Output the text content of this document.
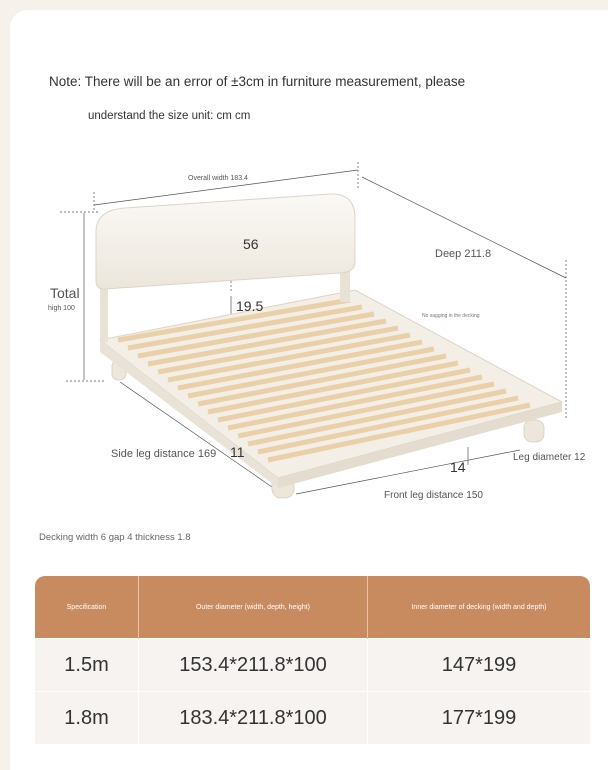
Note: There will be an error of ±3cm in furniture measurement, please
understand the size unit: cm cm
Overall width 183.4
Deep 211.8
56
19.5
Total
high 100
No sagging in the decking
Side leg distance 169 11
14
Leg diameter 12
Front leg distance 150
Decking width 6 gap 4 thickness 1.8
Specification	Outer diameter (width, depth, height)	Inner diameter of decking (width and depth)
1.5m	153.4*211.8*100	147*199
1.8m	183.4*211.8*100	177*199
